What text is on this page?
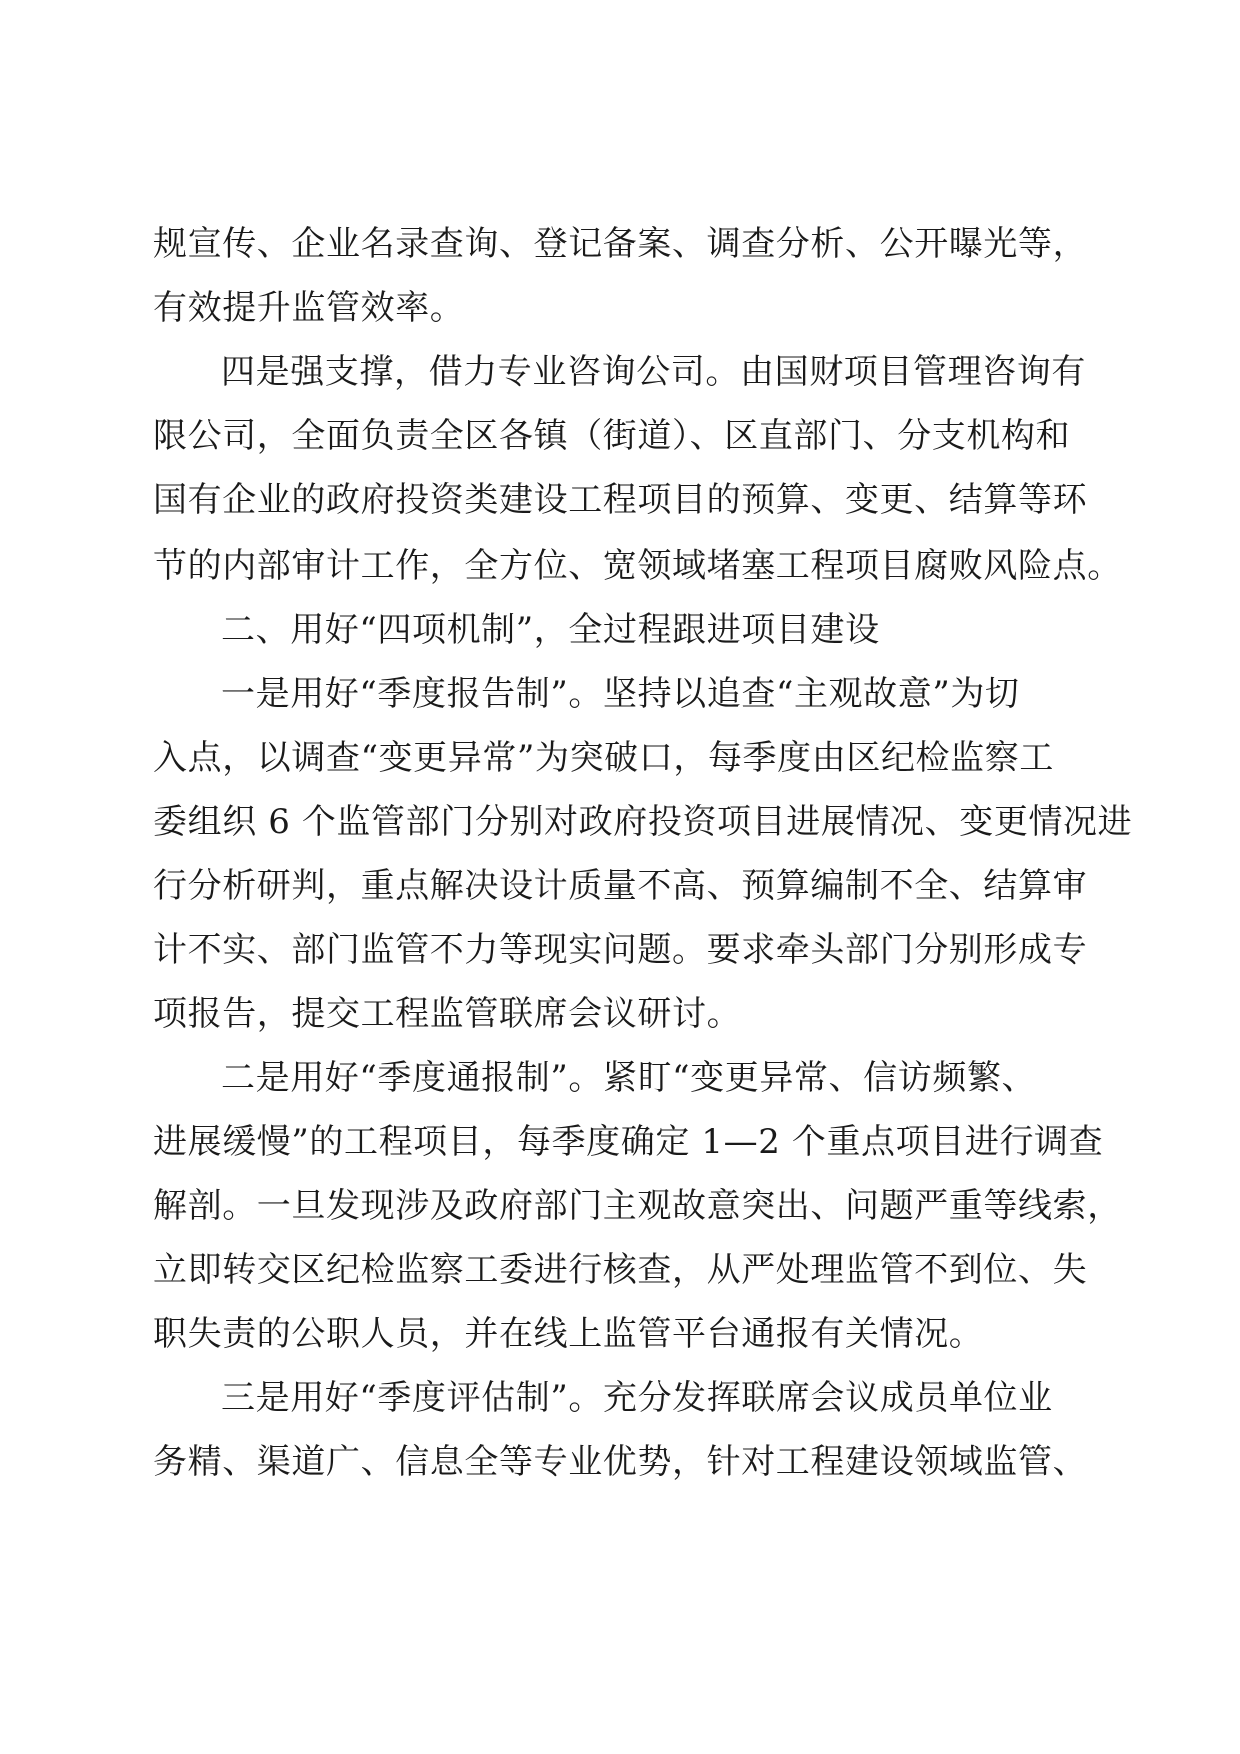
规宣传、企业名录查询、登记备案、调查分析、公开曝光等，
有效提升监管效率。
四是强支撑，借力专业咨询公司。由国财项目管理咨询有
限公司，全面负责全区各镇（街道）、区直部门、分支机构和
国有企业的政府投资类建设工程项目的预算、变更、结算等环
节的内部审计工作，全方位、宽领域堵塞工程项目腐败风险点。
二、用好“四项机制”，全过程跟进项目建设
一是用好“季度报告制”。坚持以追查“主观故意”为切
入点，以调查“变更异常”为突破口，每季度由区纪检监察工
委组织 6 个监管部门分别对政府投资项目进展情况、变更情况进
行分析研判，重点解决设计质量不高、预算编制不全、结算审
计不实、部门监管不力等现实问题。要求牵头部门分别形成专
项报告，提交工程监管联席会议研讨。
二是用好“季度通报制”。紧盯“变更异常、信访频繁、
进展缓慢”的工程项目，每季度确定 1—2 个重点项目进行调查
解剖。一旦发现涉及政府部门主观故意突出、问题严重等线索，
立即转交区纪检监察工委进行核查，从严处理监管不到位、失
职失责的公职人员，并在线上监管平台通报有关情况。
三是用好“季度评估制”。充分发挥联席会议成员单位业
务精、渠道广、信息全等专业优势，针对工程建设领域监管、
